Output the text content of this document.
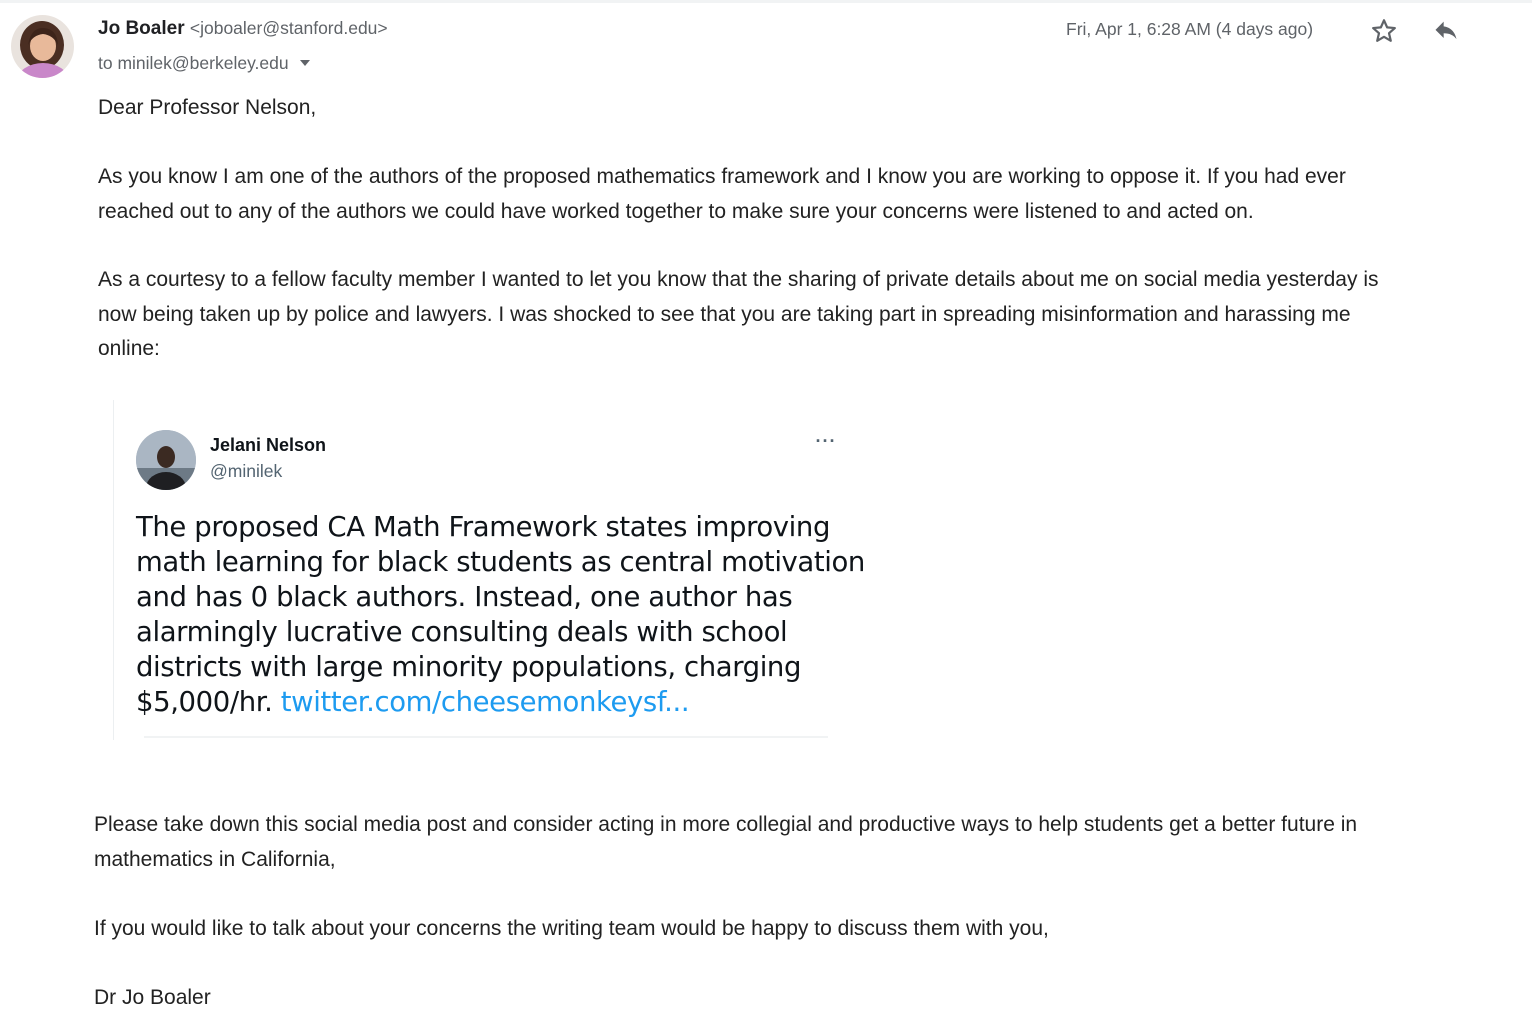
Jo Boaler <joboaler@stanford.edu>
to minilek@berkeley.edu
Fri, Apr 1, 6:28 AM (4 days ago)
Dear Professor Nelson,
As you know I am one of the authors of the proposed mathematics framework and I know you are working to oppose it. If you had ever
reached out to any of the authors we could have worked together to make sure your concerns were listened to and acted on.
As a courtesy to a fellow faculty member I wanted to let you know that the sharing of private details about me on social media yesterday is
now being taken up by police and lawyers. I was shocked to see that you are taking part in spreading misinformation and harassing me
online:
Jelani Nelson
@minilek
···
The proposed CA Math Framework states improving
math learning for black students as central motivation
and has 0 black authors. Instead, one author has
alarmingly lucrative consulting deals with school
districts with large minority populations, charging
$5,000/hr. twitter.com/cheesemonkeysf...
Please take down this social media post and consider acting in more collegial and productive ways to help students get a better future in
mathematics in California,
If you would like to talk about your concerns the writing team would be happy to discuss them with you,
Dr Jo Boaler
